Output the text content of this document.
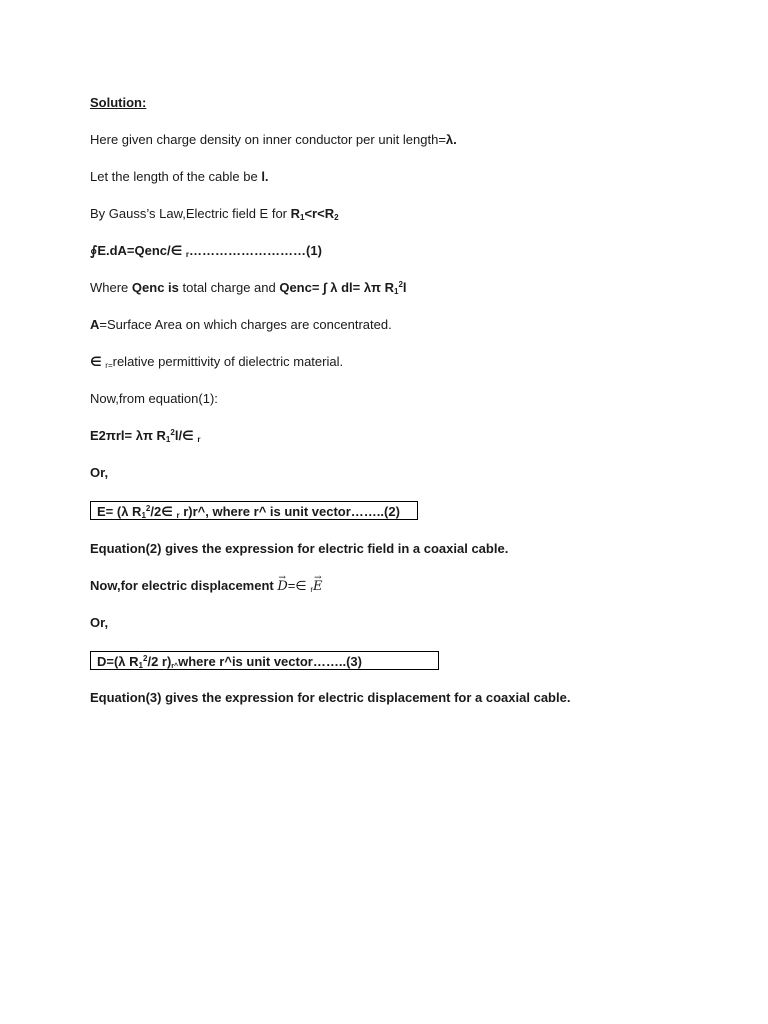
Solution:
Here given charge density on inner conductor per unit length=λ.
Let the length of the cable be l.
By Gauss’s Law,Electric field E for $R_1<r<R_2$
∮E.dA=Qenc/∈ $_r$………………………(1)
Where Qenc is total charge and Qenc= ∫ λ dl= λπ $R_1^2l$
A=Surface Area on which charges are concentrated.
∈ $_{r=}$relative permittivity of dielectric material.
Now,from equation(1):
E2πrl= λπ $R_1^2l/\in$ $_r$
Or,
E= (λ $R_1^2/2\in$ $_r$ r)r^, where r^ is unit vector……..(2)
Equation(2) gives the expression for electric field in a coaxial cable.
Now,for electric displacement → D=∈ $_r$→ E
Or,
D=(λ $R_1^2/2$ r)r^where r^is unit vector……..(3)
Equation(3) gives the expression for electric displacement for a coaxial cable.
